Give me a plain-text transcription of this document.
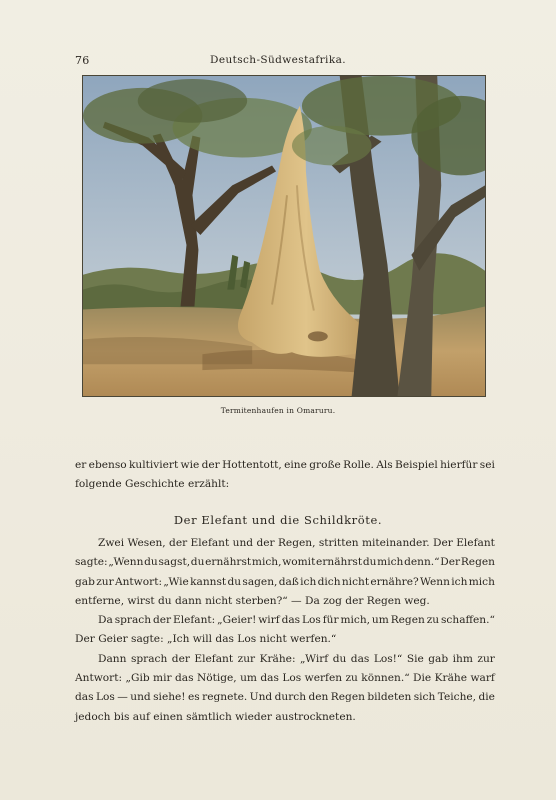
76	Deutsch-Südwestafrika.
Termitenhaufen in Omaruru.
er ebenso kultiviert wie der Hottentott, eine große Rolle. Als Beispiel hierfür sei
folgende Geschichte erzählt:
Der Elefant und die Schildkröte.
Zwei Wesen, der Elefant und der Regen, stritten miteinander. Der Elefant
sagte: „Wenn du sagst, du ernährst mich, womit ernährst du mich denn.“ Der Regen
gab zur Antwort: „Wie kannst du sagen, daß ich dich nicht ernähre? Wenn ich mich
entferne, wirst du dann nicht sterben?“ — Da zog der Regen weg.
Da sprach der Elefant: „Geier! wirf das Los für mich, um Regen zu schaffen.“
Der Geier sagte: „Ich will das Los nicht werfen.“
Dann sprach der Elefant zur Krähe: „Wirf du das Los!“ Sie gab ihm zur
Antwort: „Gib mir das Nötige, um das Los werfen zu können.“ Die Krähe warf
das Los — und siehe! es regnete. Und durch den Regen bildeten sich Teiche, die
jedoch bis auf einen sämtlich wieder austrockneten.
